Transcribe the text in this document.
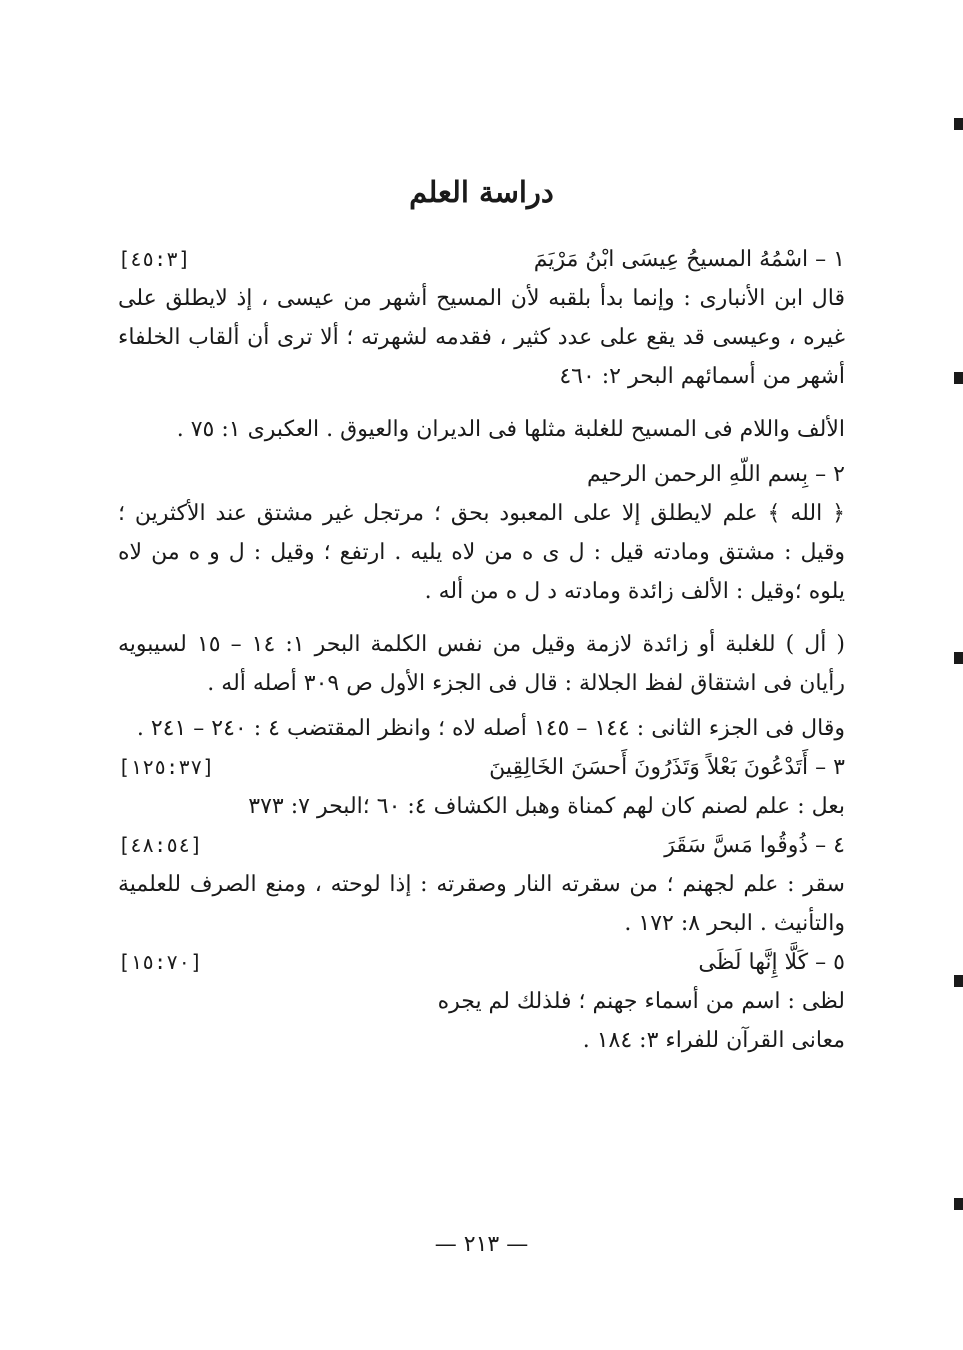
دراسة العلم
١ – اسْمُهُ المسيحُ عِيسَى ابْنُ مَرْيَمَ
[٤٥:٣]

قال ابن الأنبارى : وإنما بدأ بلقبه لأن المسيح أشهر من عيسى ، إذ لايطلق على غيره ، وعيسى قد يقع على عدد كثير ، فقدمه لشهرته ؛ ألا ترى أن ألقاب الخلفاء أشهر من أسمائهم البحر ٢: ٤٦٠

الألف واللام فى المسيح للغلبة مثلها فى الديران والعيوق . العكبرى ١: ٧٥ .

٢ – بِسم اللّهِ الرحمن الرحيم

﴿ الله ﴾ علم لايطلق إلا على المعبود بحق ؛ مرتجل غير مشتق عند الأكثرين ؛ وقيل : مشتق ومادته قيل : ل ى ه من لاه يليه . ارتفع ؛ وقيل : ل و ه من لاه يلوه ؛وقيل : الألف زائدة ومادته د ل ه من أله .

( أل ) للغلبة أو زائدة لازمة وقيل من نفس الكلمة البحر ١: ١٤ – ١٥ لسيبويه رأيان فى اشتقاق لفظ الجلالة : قال فى الجزء الأول ص ٣٠٩ أصله أله .

وقال فى الجزء الثانى : ١٤٤ – ١٤٥ أصله لاه ؛ وانظر المقتضب ٤ : ٢٤٠ – ٢٤١ .

٣ – أَتَدْعُونَ بَعْلاً وَتَذَرُونَ أَحسَنَ الخَالِقِينَ
[١٢٥:٣٧]

بعل : علم لصنم كان لهم كمناة وهبل الكشاف ٤: ٦٠ ؛البحر ٧: ٣٧٣

٤ – ذُوقُوا مَسَّ سَقَرَ
[٤٨:٥٤]

سقر : علم لجهنم ؛ من سقرته النار وصقرته : إذا لوحته ، ومنع الصرف للعلمية والتأنيث . البحر ٨: ١٧٢ .

٥ – كَلَّا إِنَّها لَظَى
[١٥:٧٠]

لظى : اسم من أسماء جهنم ؛ فلذلك لم يجره

معانى القرآن للفراء ٣: ١٨٤ .

— ٢١٣ —
